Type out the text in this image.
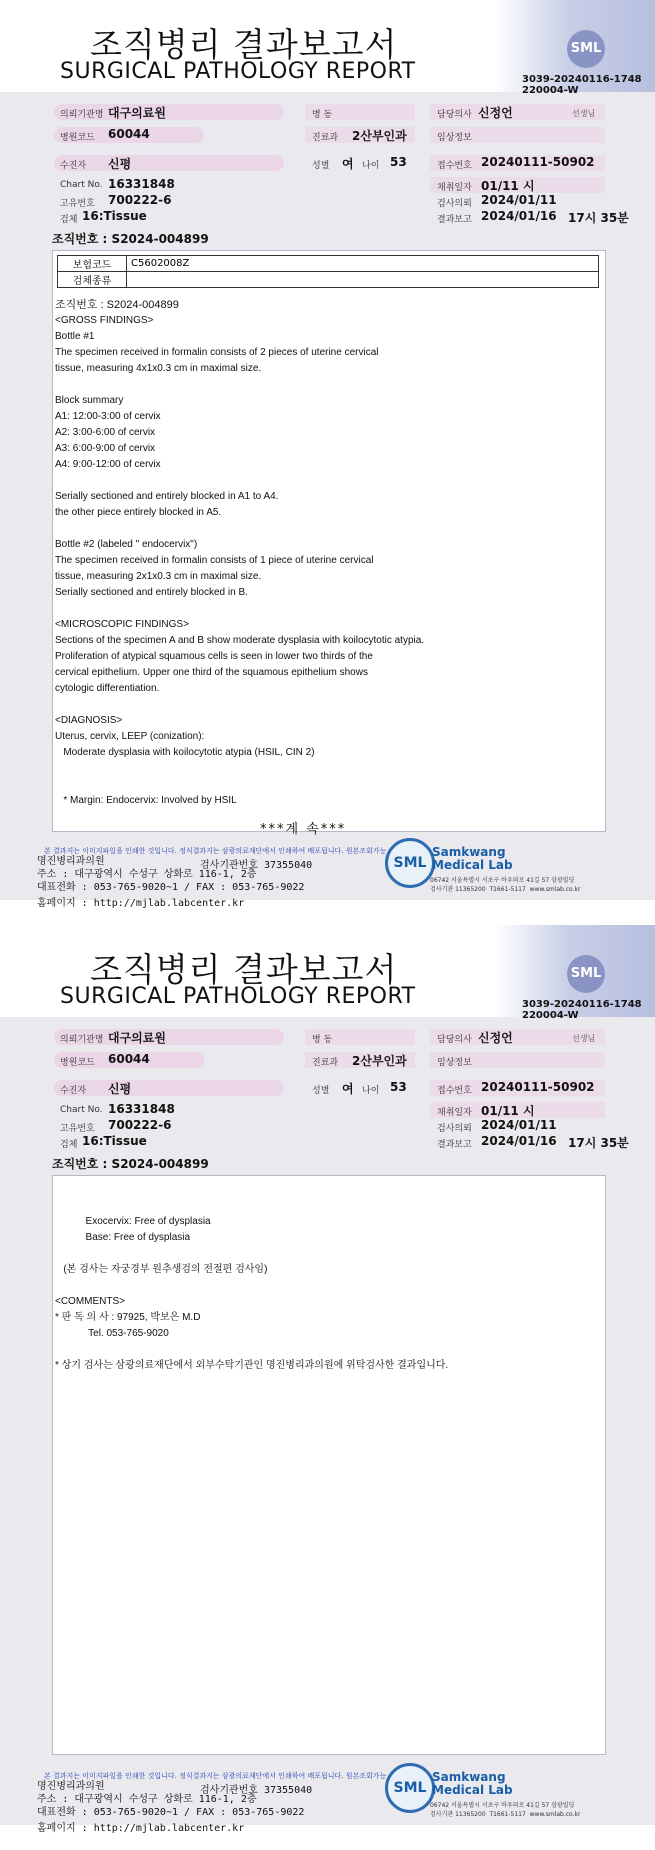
조직병리 결과보고서
SURGICAL PATHOLOGY REPORT
SML
3039-20240116-1748
220004-W
의뢰기관명 대구의료원
병원코드 60044
수진자 신평
Chart No. 16331848
고유번호 700222-6
검체 16:Tissue
병 동
진료과 2산부인과
성별 여 나이 53
담당의사 신정언	선생님
임상정보
접수번호 20240111-50902
채취일자 01/11 시
검사의뢰 2024/01/11
결과보고 2024/01/16 17시 35분
조직번호 : S2024-004899
보험코드	C5602008Z
검체종류	
조직번호 : S2024-004899
<GROSS FINDINGS>
Bottle #1
The specimen received in formalin consists of 2 pieces of uterine cervical
tissue, measuring 4x1x0.3 cm in maximal size.
Block summary
A1: 12:00-3:00 of cervix
A2: 3:00-6:00 of cervix
A3: 6:00-9:00 of cervix
A4: 9:00-12:00 of cervix
Serially sectioned and entirely blocked in A1 to A4.
the other piece entirely blocked in A5.
Bottle #2 (labeled " endocervix")
The specimen received in formalin consists of 1 piece of uterine cervical
tissue, measuring 2x1x0.3 cm in maximal size.
Serially sectioned and entirely blocked in B.
<MICROSCOPIC FINDINGS>
Sections of the specimen A and B show moderate dysplasia with koilocytotic atypia.
Proliferation of atypical squamous cells is seen in lower two thirds of the
cervical epithelium. Upper one third of the squamous epithelium shows
cytologic differentiation.
<DIAGNOSIS>
Uterus, cervix, LEEP (conization):
Moderate dysplasia with koilocytotic atypia (HSIL, CIN 2)
* Margin: Endocervix: Involved by HSIL
***계 속***
본 결과지는 이미지파일을 인쇄한 것입니다. 정식결과지는 삼광의료재단에서 인쇄하여 배포됩니다. 원본조회가능
명진병리과의원	검사기관번호 37355040
주소 : 대구광역시 수성구 상화로 116-1, 2층
대표전화 : 053-765-9020~1 / FAX : 053-765-9022
SML
Samkwang
Medical Lab
06742 서울특별시 서초구 바우뫼로 41길 57 삼광빌딩
검사기관 11365200  T1661-5117  www.smlab.co.kr
홈페이지 : http://mjlab.labcenter.kr
조직병리 결과보고서
SURGICAL PATHOLOGY REPORT
SML
3039-20240116-1748
220004-W
의뢰기관명 대구의료원
병원코드 60044
수진자 신평
Chart No. 16331848
고유번호 700222-6
검체 16:Tissue
병 동
진료과 2산부인과
성별 여 나이 53
담당의사 신정언	선생님
임상정보
접수번호 20240111-50902
채취일자 01/11 시
검사의뢰 2024/01/11
결과보고 2024/01/16 17시 35분
조직번호 : S2024-004899
Exocervix: Free of dysplasia
Base: Free of dysplasia
(본 검사는 자궁경부 원추생검의 전절편 검사임)
<COMMENTS>
* 판 독 의 사 : 97925, 박보은 M.D
Tel. 053-765-9020
* 상기 검사는 삼광의료재단에서 외부수탁기관인 명진병리과의원에 위탁검사한 결과입니다.
본 결과지는 이미지파일을 인쇄한 것입니다. 정식결과지는 삼광의료재단에서 인쇄하여 배포됩니다. 원본조회가능
명진병리과의원	검사기관번호 37355040
주소 : 대구광역시 수성구 상화로 116-1, 2층
대표전화 : 053-765-9020~1 / FAX : 053-765-9022
SML
Samkwang
Medical Lab
06742 서울특별시 서초구 바우뫼로 41길 57 삼광빌딩
검사기관 11365200  T1661-5117  www.smlab.co.kr
홈페이지 : http://mjlab.labcenter.kr
